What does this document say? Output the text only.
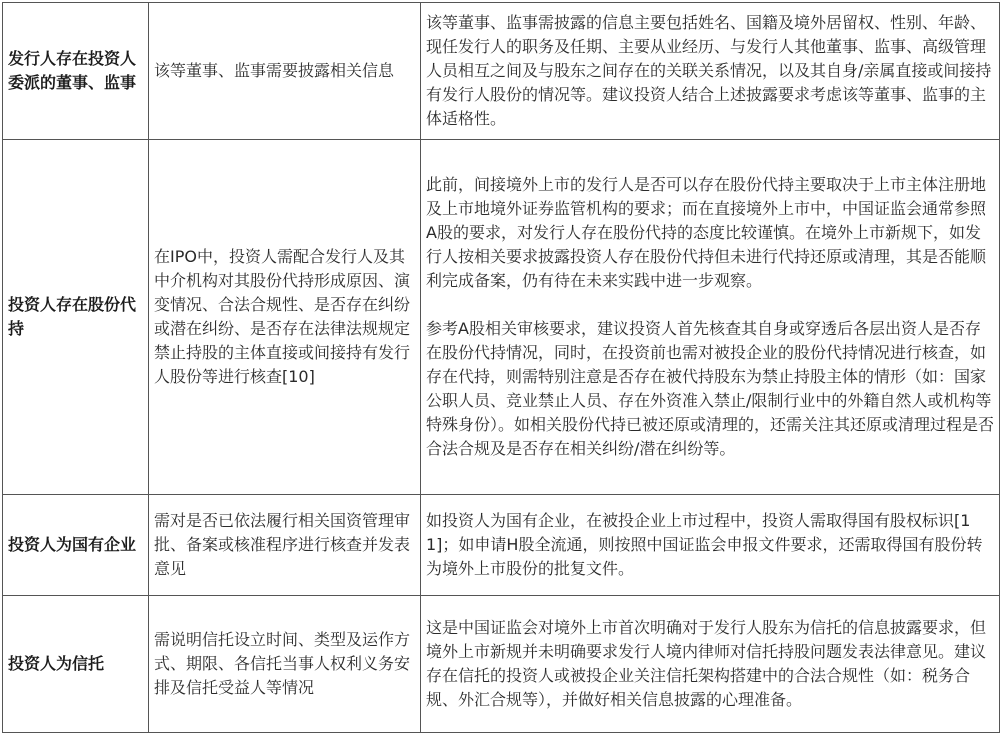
发行人存在投资人委派的董事、监事	该等董事、监事需要披露相关信息	该等董事、监事需披露的信息主要包括姓名、国籍及境外居留权、性别、年龄、现任发行人的职务及任期、主要从业经历、与发行人其他董事、监事、高级管理人员相互之间及与股东之间存在的关联关系情况，以及其自身/亲属直接或间接持有发行人股份的情况等。建议投资人结合上述披露要求考虑该等董事、监事的主体适格性。

投资人存在股份代持	在IPO中，投资人需配合发行人及其中介机构对其股份代持形成原因、演变情况、合法合规性、是否存在纠纷或潜在纠纷、是否存在法律法规规定禁止持股的主体直接或间接持有发行人股份等进行核查[10]	此前，间接境外上市的发行人是否可以存在股份代持主要取决于上市主体注册地及上市地境外证券监管机构的要求；而在直接境外上市中，中国证监会通常参照A股的要求，对发行人存在股份代持的态度比较谨慎。在境外上市新规下，如发行人按相关要求披露投资人存在股份代持但未进行代持还原或清理，其是否能顺利完成备案，仍有待在未来实践中进一步观察。

参考A股相关审核要求，建议投资人首先核查其自身或穿透后各层出资人是否存在股份代持情况，同时，在投资前也需对被投企业的股份代持情况进行核查，如存在代持，则需特别注意是否存在被代持股东为禁止持股主体的情形（如：国家公职人员、竞业禁止人员、存在外资准入禁止/限制行业中的外籍自然人或机构等特殊身份）。如相关股份代持已被还原或清理的，还需关注其还原或清理过程是否合法合规及是否存在相关纠纷/潜在纠纷等。

投资人为国有企业	需对是否已依法履行相关国资管理审批、备案或核准程序进行核查并发表意见	如投资人为国有企业，在被投企业上市过程中，投资人需取得国有股权标识[11]；如申请H股全流通，则按照中国证监会申报文件要求，还需取得国有股份转为境外上市股份的批复文件。

投资人为信托	需说明信托设立时间、类型及运作方式、期限、各信托当事人权利义务安排及信托受益人等情况	这是中国证监会对境外上市首次明确对于发行人股东为信托的信息披露要求，但境外上市新规并未明确要求发行人境内律师对信托持股问题发表法律意见。建议存在信托的投资人或被投企业关注信托架构搭建中的合法合规性（如：税务合规、外汇合规等），并做好相关信息披露的心理准备。
